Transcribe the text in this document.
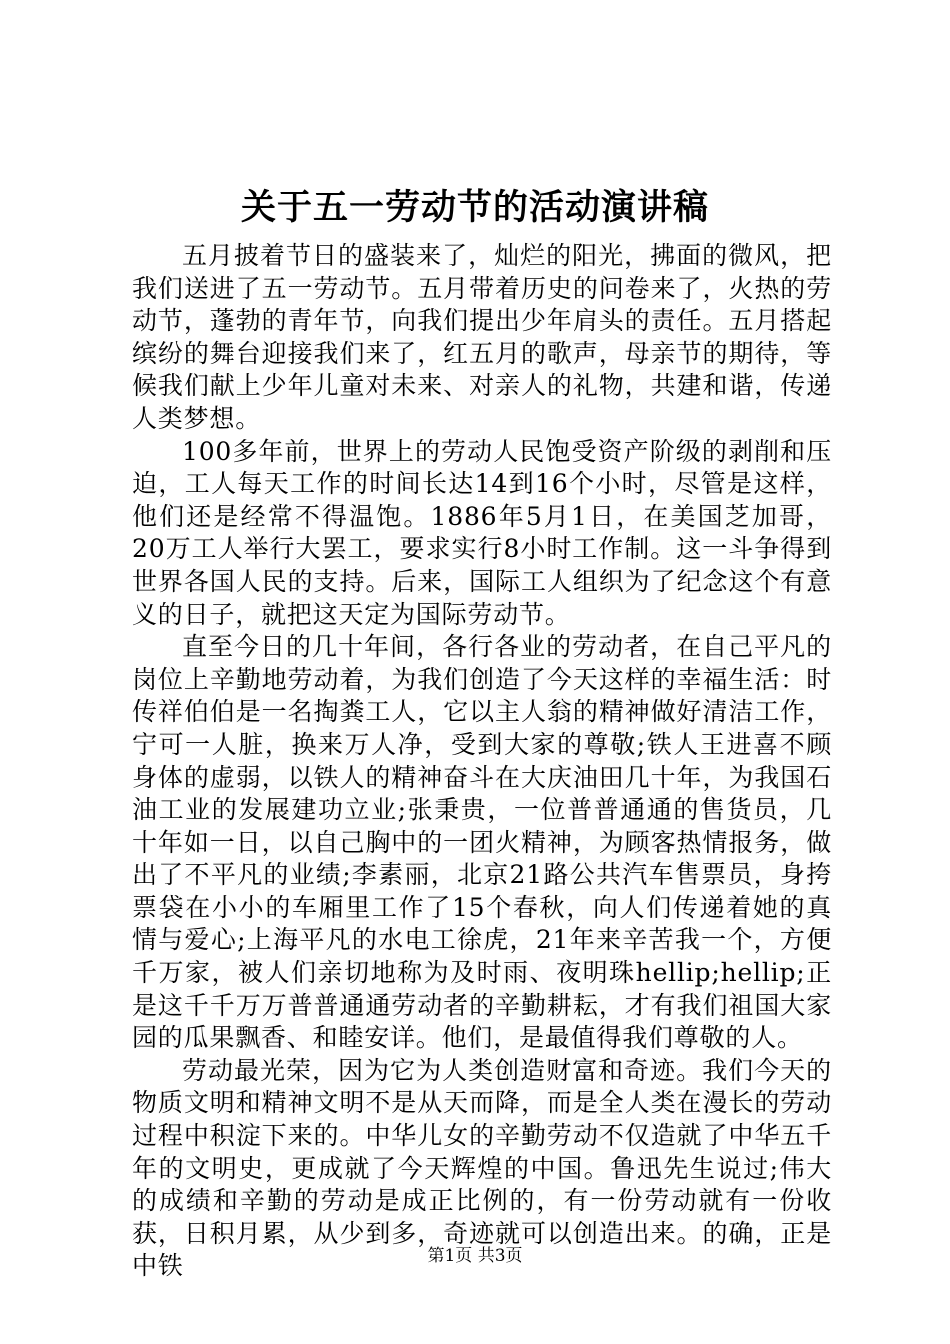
关于五一劳动节的活动演讲稿

五月披着节日的盛装来了，灿烂的阳光，拂面的微风，把我们送进了五一劳动节。五月带着历史的问卷来了，火热的劳动节，蓬勃的青年节，向我们提出少年肩头的责任。五月搭起缤纷的舞台迎接我们来了，红五月的歌声，母亲节的期待，等候我们献上少年儿童对未来、对亲人的礼物，共建和谐，传递人类梦想。

100多年前，世界上的劳动人民饱受资产阶级的剥削和压迫，工人每天工作的时间长达14到16个小时，尽管是这样，他们还是经常不得温饱。1886年5月1日，在美国芝加哥，20万工人举行大罢工，要求实行8小时工作制。这一斗争得到世界各国人民的支持。后来，国际工人组织为了纪念这个有意义的日子，就把这天定为国际劳动节。

直至今日的几十年间，各行各业的劳动者，在自己平凡的岗位上辛勤地劳动着，为我们创造了今天这样的幸福生活：时传祥伯伯是一名掏粪工人，它以主人翁的精神做好清洁工作，宁可一人脏，换来万人净，受到大家的尊敬;铁人王进喜不顾身体的虚弱，以铁人的精神奋斗在大庆油田几十年，为我国石油工业的发展建功立业;张秉贵，一位普普通通的售货员，几十年如一日，以自己胸中的一团火精神，为顾客热情报务，做出了不平凡的业绩;李素丽，北京21路公共汽车售票员，身挎票袋在小小的车厢里工作了15个春秋，向人们传递着她的真情与爱心;上海平凡的水电工徐虎，21年来辛苦我一个，方便千万家，被人们亲切地称为及时雨、夜明珠hellip;hellip;正是这千千万万普普通通劳动者的辛勤耕耘，才有我们祖国大家园的瓜果飘香、和睦安详。他们，是最值得我们尊敬的人。

劳动最光荣，因为它为人类创造财富和奇迹。我们今天的物质文明和精神文明不是从天而降，而是全人类在漫长的劳动过程中积淀下来的。中华儿女的辛勤劳动不仅造就了中华五千年的文明史，更成就了今天辉煌的中国。鲁迅先生说过;伟大的成绩和辛勤的劳动是成正比例的，有一份劳动就有一份收获，日积月累，从少到多，奇迹就可以创造出来。的确，正是中铁	第1页 共3页
